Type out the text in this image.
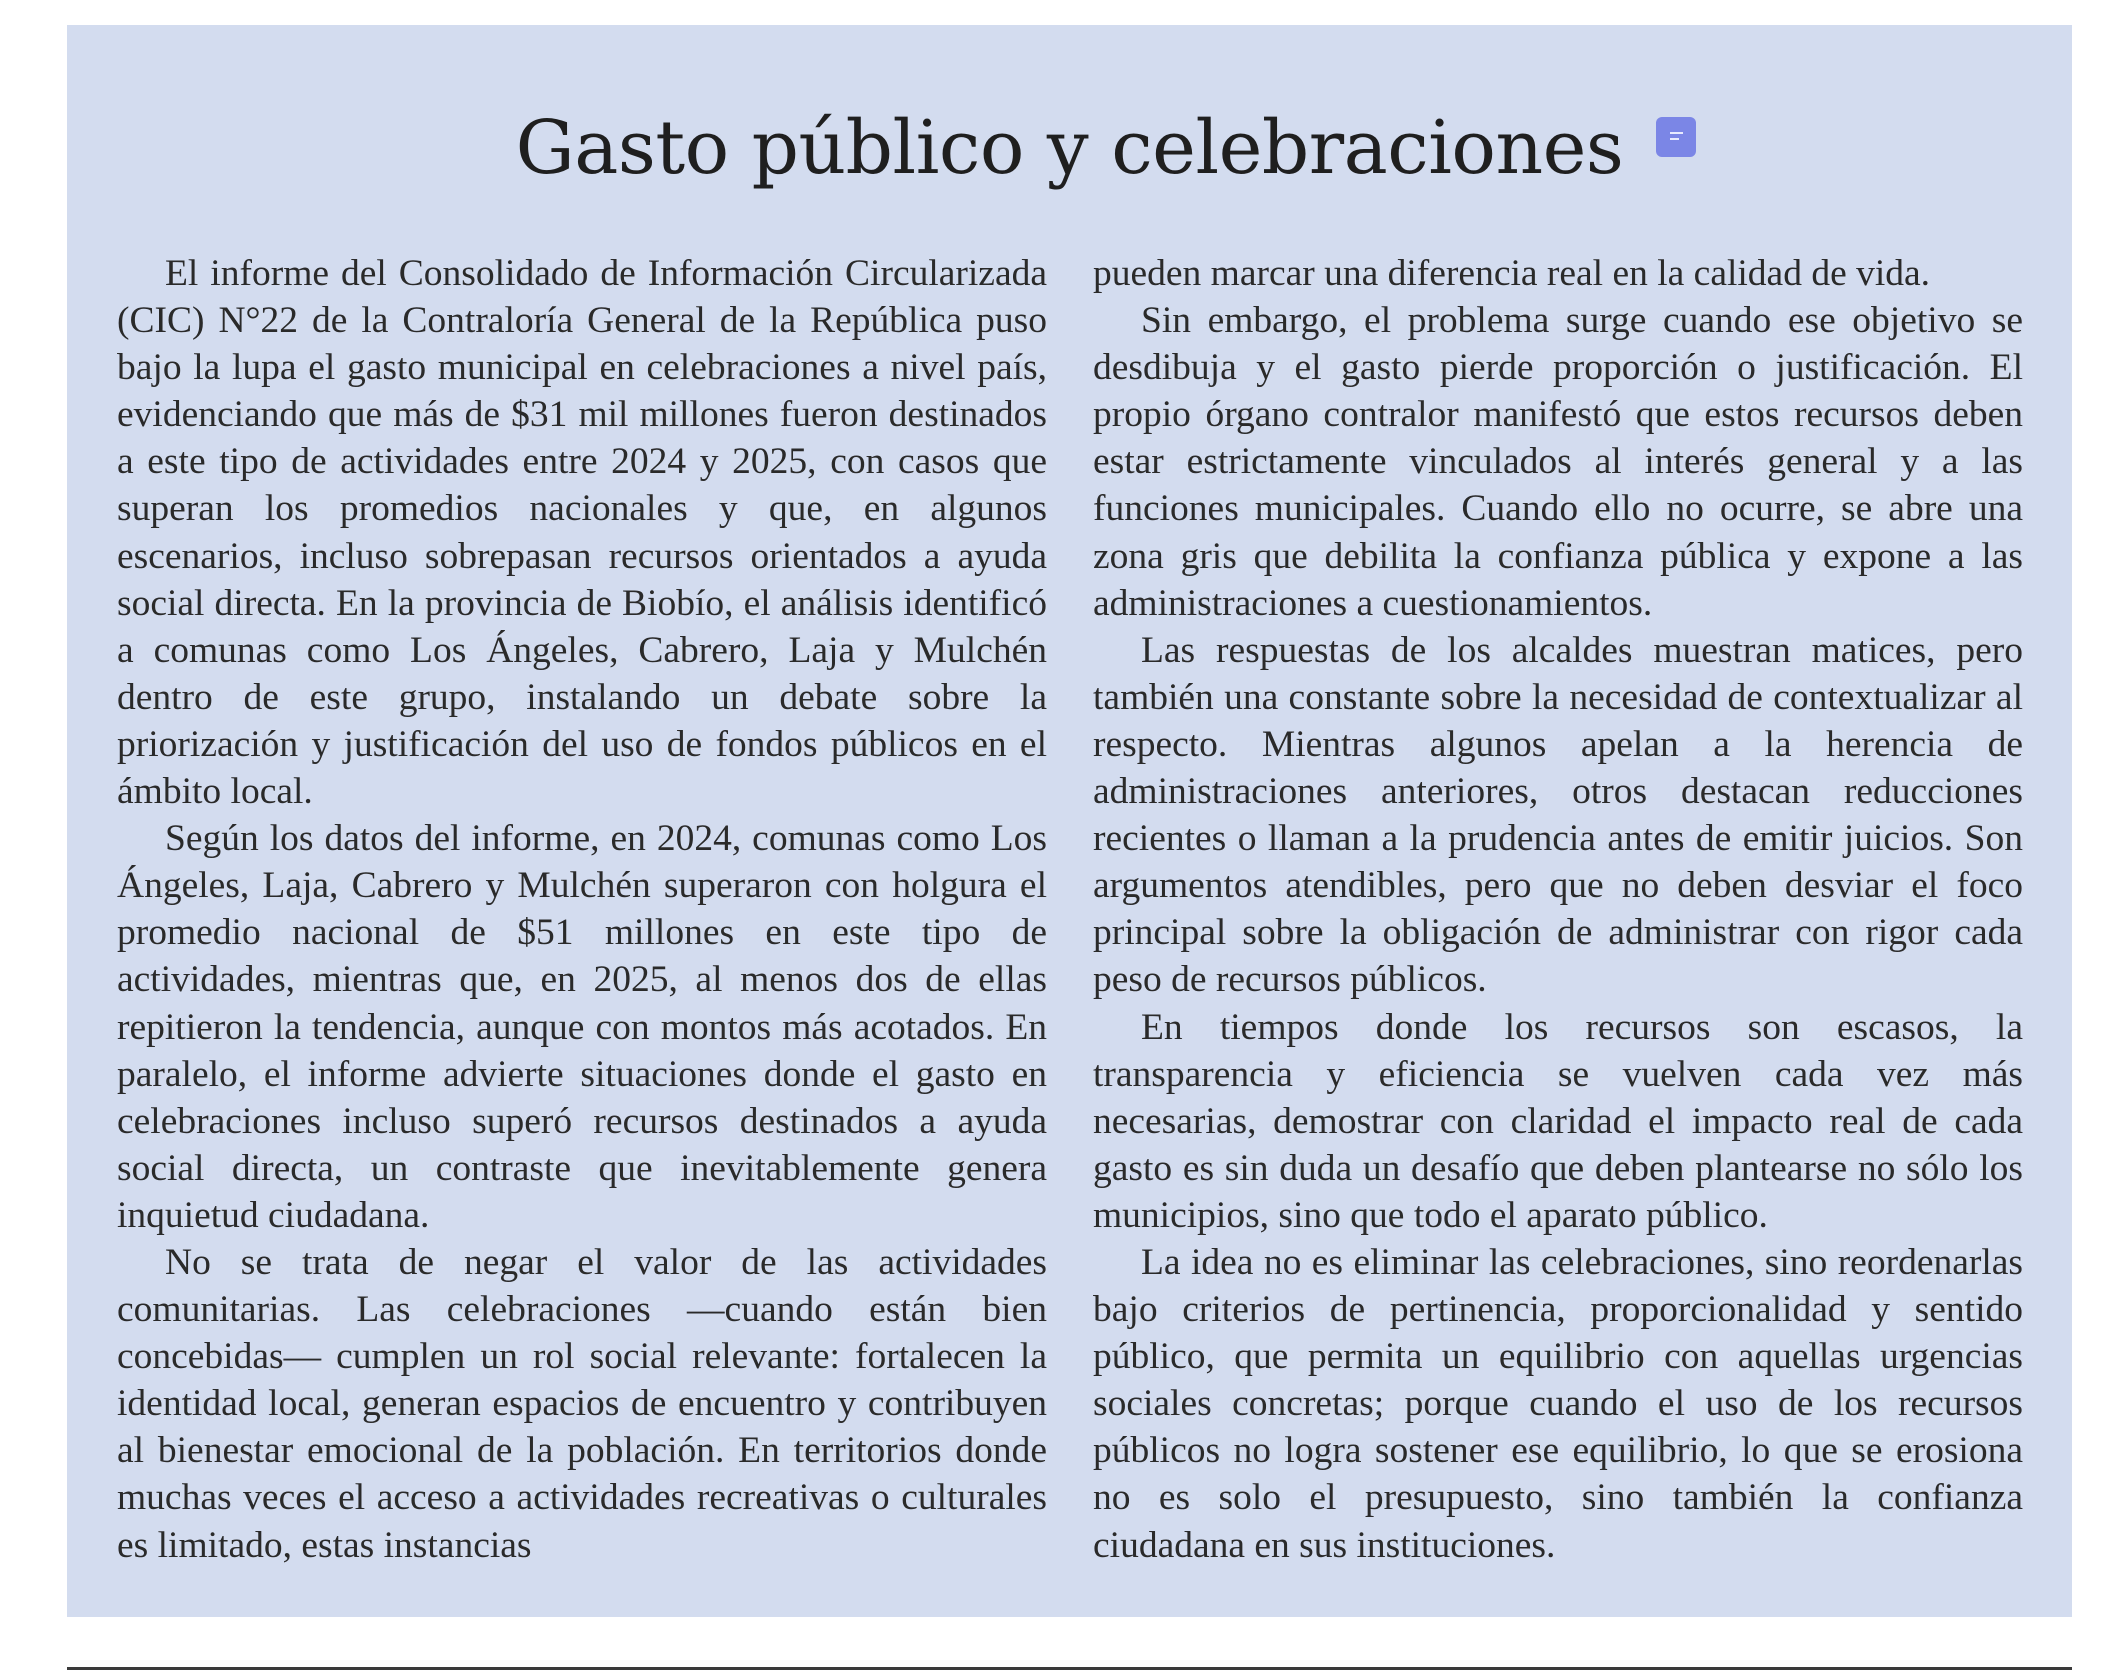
Gasto público y celebraciones

El informe del Consolidado de Información Circularizada (CIC) N°22 de la Contraloría General de la República puso bajo la lupa el gasto municipal en celebraciones a nivel país, evidenciando que más de $31 mil millones fueron destinados a este tipo de actividades entre 2024 y 2025, con casos que superan los promedios nacionales y que, en algunos escenarios, incluso sobrepasan recursos orientados a ayuda social directa. En la provincia de Biobío, el análisis identificó a comunas como Los Ángeles, Cabrero, Laja y Mulchén dentro de este grupo, instalando un debate sobre la priorización y justificación del uso de fondos públicos en el ámbito local.

Según los datos del informe, en 2024, comunas como Los Ángeles, Laja, Cabrero y Mulchén superaron con holgura el promedio nacional de $51 millones en este tipo de actividades, mientras que, en 2025, al menos dos de ellas repitieron la tendencia, aunque con montos más acotados. En paralelo, el informe advierte situaciones donde el gasto en celebraciones incluso superó recursos destinados a ayuda social directa, un contraste que inevitablemente genera inquietud ciudadana.

No se trata de negar el valor de las actividades comunitarias. Las celebraciones —cuando están bien concebidas— cumplen un rol social relevante: fortalecen la identidad local, generan espacios de encuentro y contribuyen al bienestar emocional de la población. En territorios donde muchas veces el acceso a actividades recreativas o culturales es limitado, estas instancias

pueden marcar una diferencia real en la calidad de vida.

Sin embargo, el problema surge cuando ese objetivo se desdibuja y el gasto pierde proporción o justificación. El propio órgano contralor manifestó que estos recursos deben estar estrictamente vinculados al interés general y a las funciones municipales. Cuando ello no ocurre, se abre una zona gris que debilita la confianza pública y expone a las administraciones a cuestionamientos.

Las respuestas de los alcaldes muestran matices, pero también una constante sobre la necesidad de contextualizar al respecto. Mientras algunos apelan a la herencia de administraciones anteriores, otros destacan reducciones recientes o llaman a la prudencia antes de emitir juicios. Son argumentos atendibles, pero que no deben desviar el foco principal sobre la obligación de administrar con rigor cada peso de recursos públicos.

En tiempos donde los recursos son escasos, la transparencia y eficiencia se vuelven cada vez más necesarias, demostrar con claridad el impacto real de cada gasto es sin duda un desafío que deben plantearse no sólo los municipios, sino que todo el aparato público.

La idea no es eliminar las celebraciones, sino reordenarlas bajo criterios de pertinencia, proporcionalidad y sentido público, que permita un equilibrio con aquellas urgencias sociales concretas; porque cuando el uso de los recursos públicos no logra sostener ese equilibrio, lo que se erosiona no es solo el presupuesto, sino también la confianza ciudadana en sus instituciones.
